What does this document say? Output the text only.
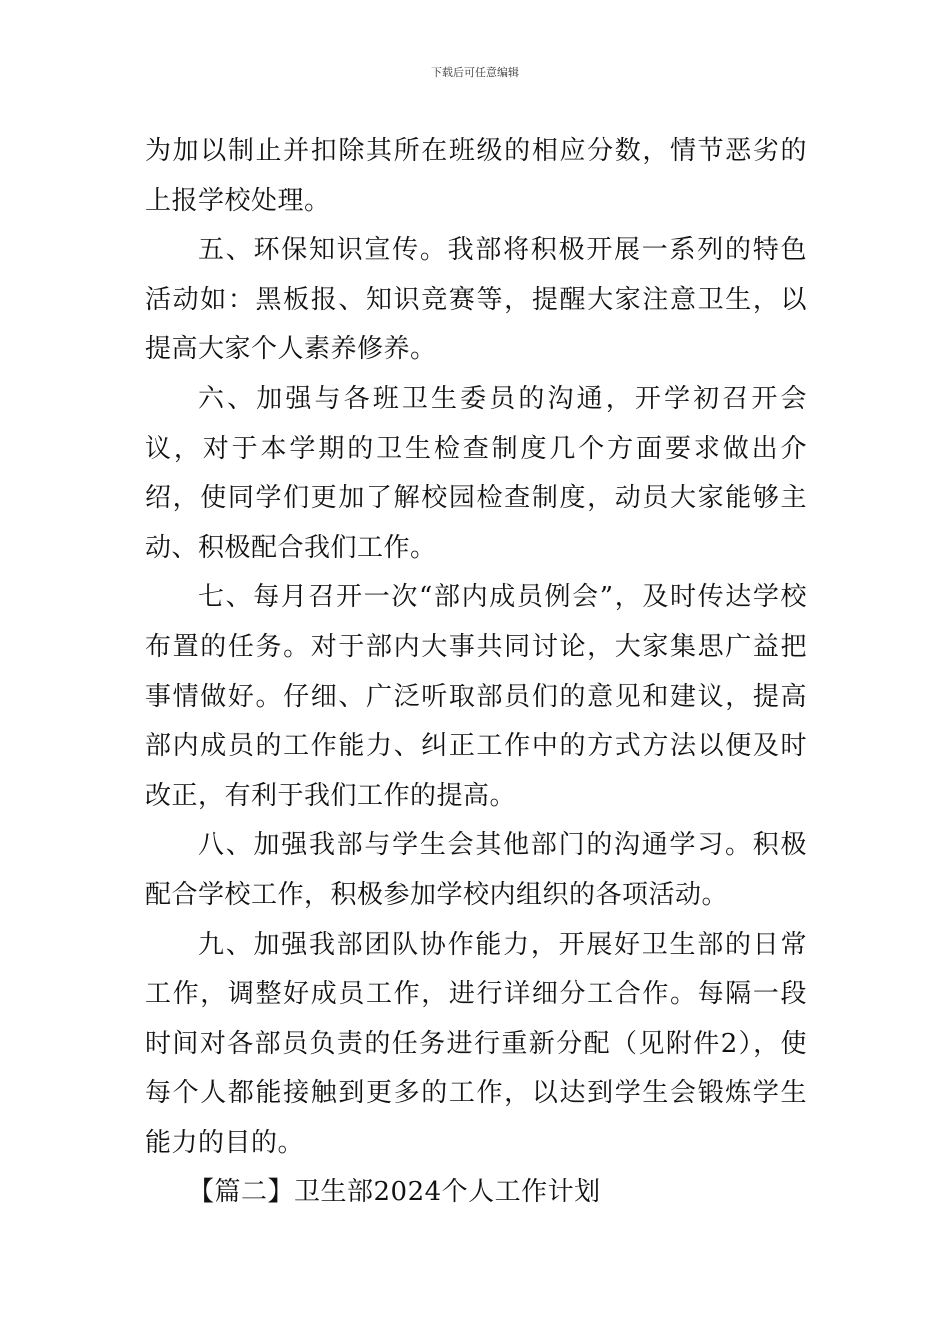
下载后可任意编辑

为加以制止并扣除其所在班级的相应分数，情节恶劣的上报学校处理。

五、环保知识宣传。我部将积极开展一系列的特色活动如：黑板报、知识竞赛等，提醒大家注意卫生，以提高大家个人素养修养。

六、加强与各班卫生委员的沟通，开学初召开会议，对于本学期的卫生检查制度几个方面要求做出介绍，使同学们更加了解校园检查制度，动员大家能够主动、积极配合我们工作。

七、每月召开一次“部内成员例会”，及时传达学校布置的任务。对于部内大事共同讨论，大家集思广益把事情做好。仔细、广泛听取部员们的意见和建议，提高部内成员的工作能力、纠正工作中的方式方法以便及时改正，有利于我们工作的提高。

八、加强我部与学生会其他部门的沟通学习。积极配合学校工作，积极参加学校内组织的各项活动。

九、加强我部团队协作能力，开展好卫生部的日常工作，调整好成员工作，进行详细分工合作。每隔一段时间对各部员负责的任务进行重新分配（见附件2），使每个人都能接触到更多的工作，以达到学生会锻炼学生能力的目的。

【篇二】卫生部2024个人工作计划
